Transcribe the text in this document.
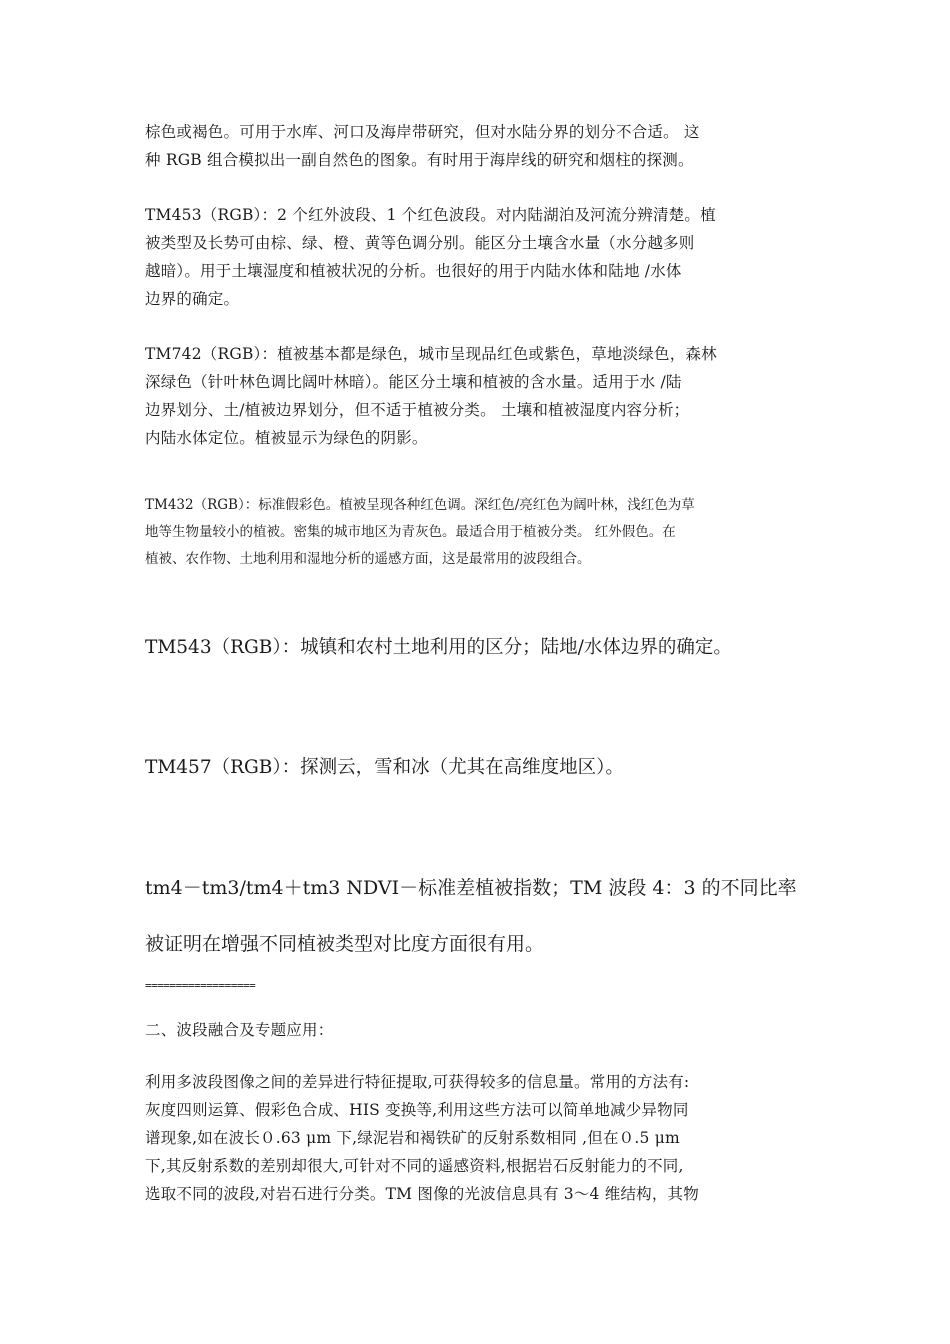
棕色或褐色。可用于水库、河口及海岸带研究，但对水陆分界的划分不合适。 这
种 RGB 组合模拟出一副自然色的图象。有时用于海岸线的研究和烟柱的探测。
TM453（RGB）：2 个红外波段、1 个红色波段。对内陆湖泊及河流分辨清楚。植
被类型及长势可由棕、绿、橙、黄等色调分别。能区分土壤含水量（水分越多则
越暗）。用于土壤湿度和植被状况的分析。也很好的用于内陆水体和陆地 /水体
边界的确定。
TM742（RGB）：植被基本都是绿色，城市呈现品红色或紫色，草地淡绿色，森林
深绿色（针叶林色调比阔叶林暗）。能区分土壤和植被的含水量。适用于水 /陆
边界划分、土/植被边界划分，但不适于植被分类。 土壤和植被湿度内容分析；
内陆水体定位。植被显示为绿色的阴影。
TM432（RGB）：标准假彩色。植被呈现各种红色调。深红色/亮红色为阔叶林，浅红色为草
地等生物量较小的植被。密集的城市地区为青灰色。最适合用于植被分类。 红外假色。在
植被、农作物、土地利用和湿地分析的遥感方面，这是最常用的波段组合。
TM543（RGB）：城镇和农村土地利用的区分；陆地/水体边界的确定。
TM457（RGB）：探测云，雪和冰（尤其在高维度地区）。
tm4－tm3/tm4＋tm3 NDVI－标准差植被指数；TM 波段 4：3 的不同比率
被证明在增强不同植被类型对比度方面很有用。
==================
二、波段融合及专题应用：
利用多波段图像之间的差异进行特征提取,可获得较多的信息量。常用的方法有:
灰度四则运算、假彩色合成、HIS 变换等,利用这些方法可以简单地减少异物同
谱现象,如在波长０.63 μm 下,绿泥岩和褐铁矿的反射系数相同 ,但在０.5 μm
下,其反射系数的差别却很大,可针对不同的遥感资料,根据岩石反射能力的不同,
选取不同的波段,对岩石进行分类。TM 图像的光波信息具有 3～4 维结构，其物
